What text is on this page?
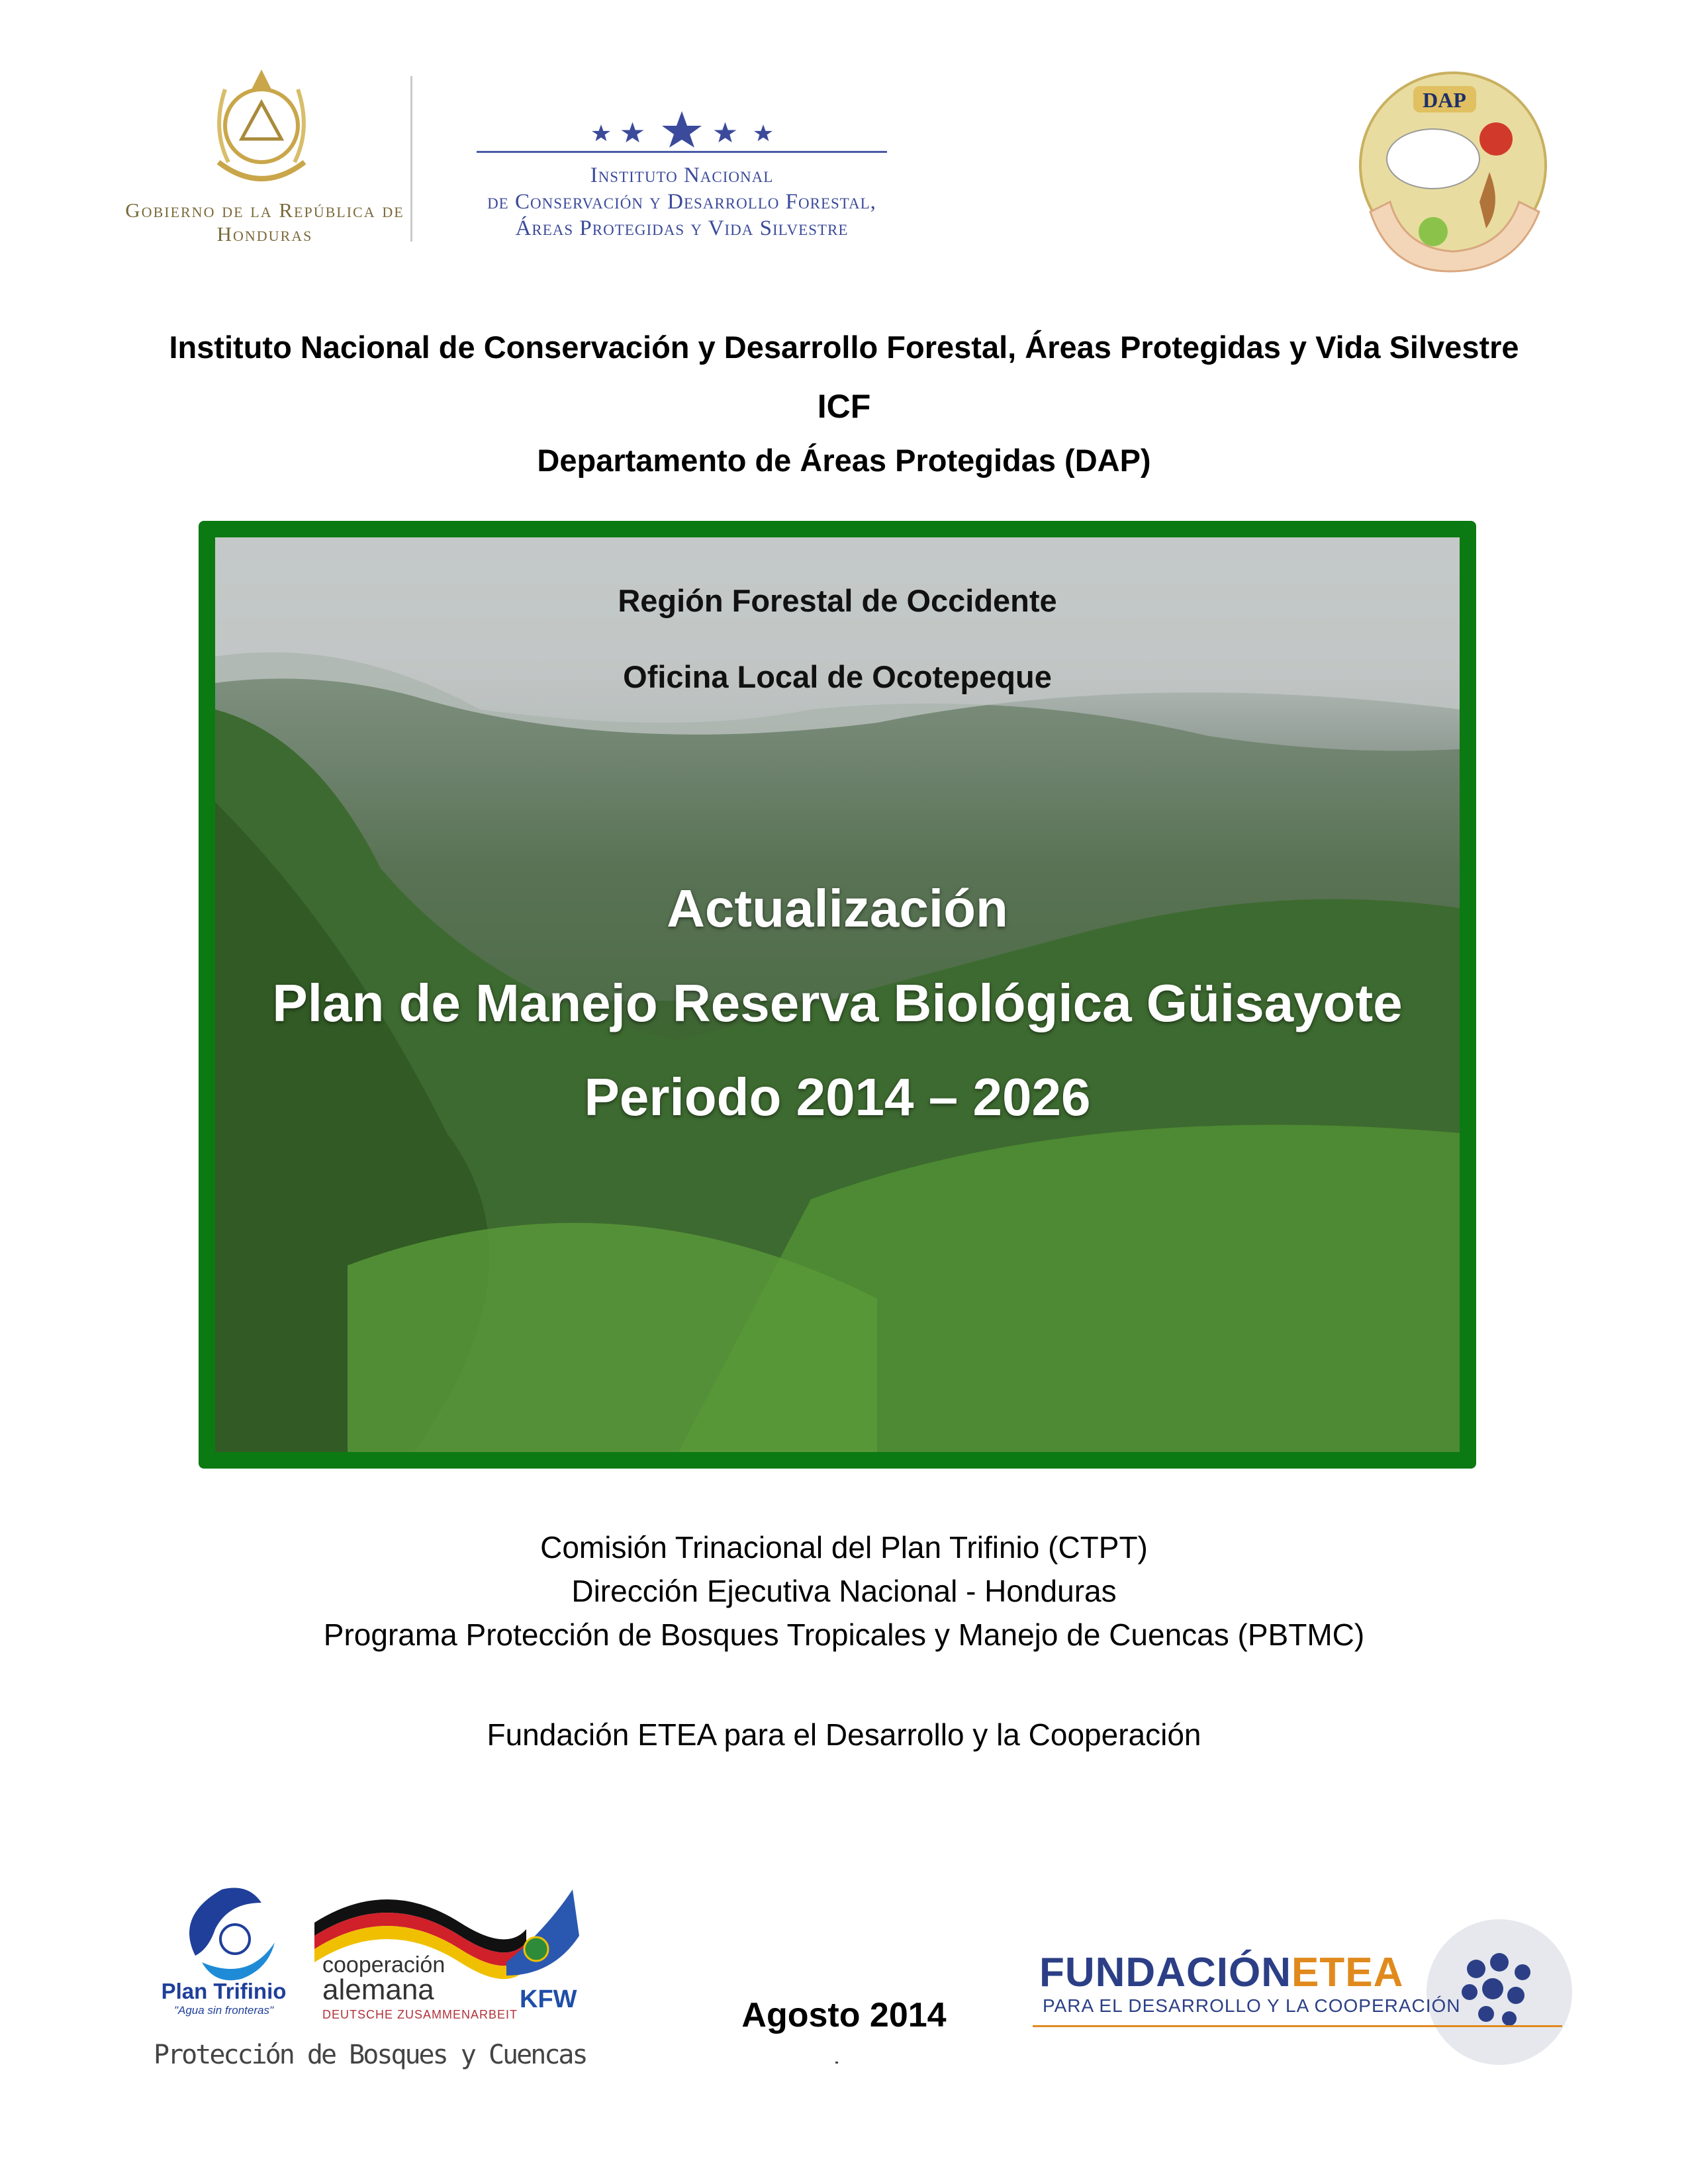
Gobierno de la República de Honduras
Instituto Nacional
de Conservación y Desarrollo Forestal,
Áreas Protegidas y Vida Silvestre
DAP
Instituto Nacional de Conservación y Desarrollo Forestal, Áreas Protegidas y Vida Silvestre
ICF
Departamento de Áreas Protegidas (DAP)
Región Forestal de Occidente
Oficina Local de Ocotepeque
Actualización
Plan de Manejo Reserva Biológica Güisayote
Periodo 2014 – 2026
Comisión Trinacional del Plan Trifinio (CTPT)
Dirección Ejecutiva Nacional - Honduras
Programa Protección de Bosques Tropicales y Manejo de Cuencas (PBTMC)
Fundación ETEA para el Desarrollo y la Cooperación
Plan Trifinio
"Agua sin fronteras"
cooperación
alemana
DEUTSCHE ZUSAMMENARBEIT
KFW
Protección de Bosques y Cuencas
Agosto 2014
FUNDACIÓNETEA
PARA EL DESARROLLO Y LA COOPERACIÓN
